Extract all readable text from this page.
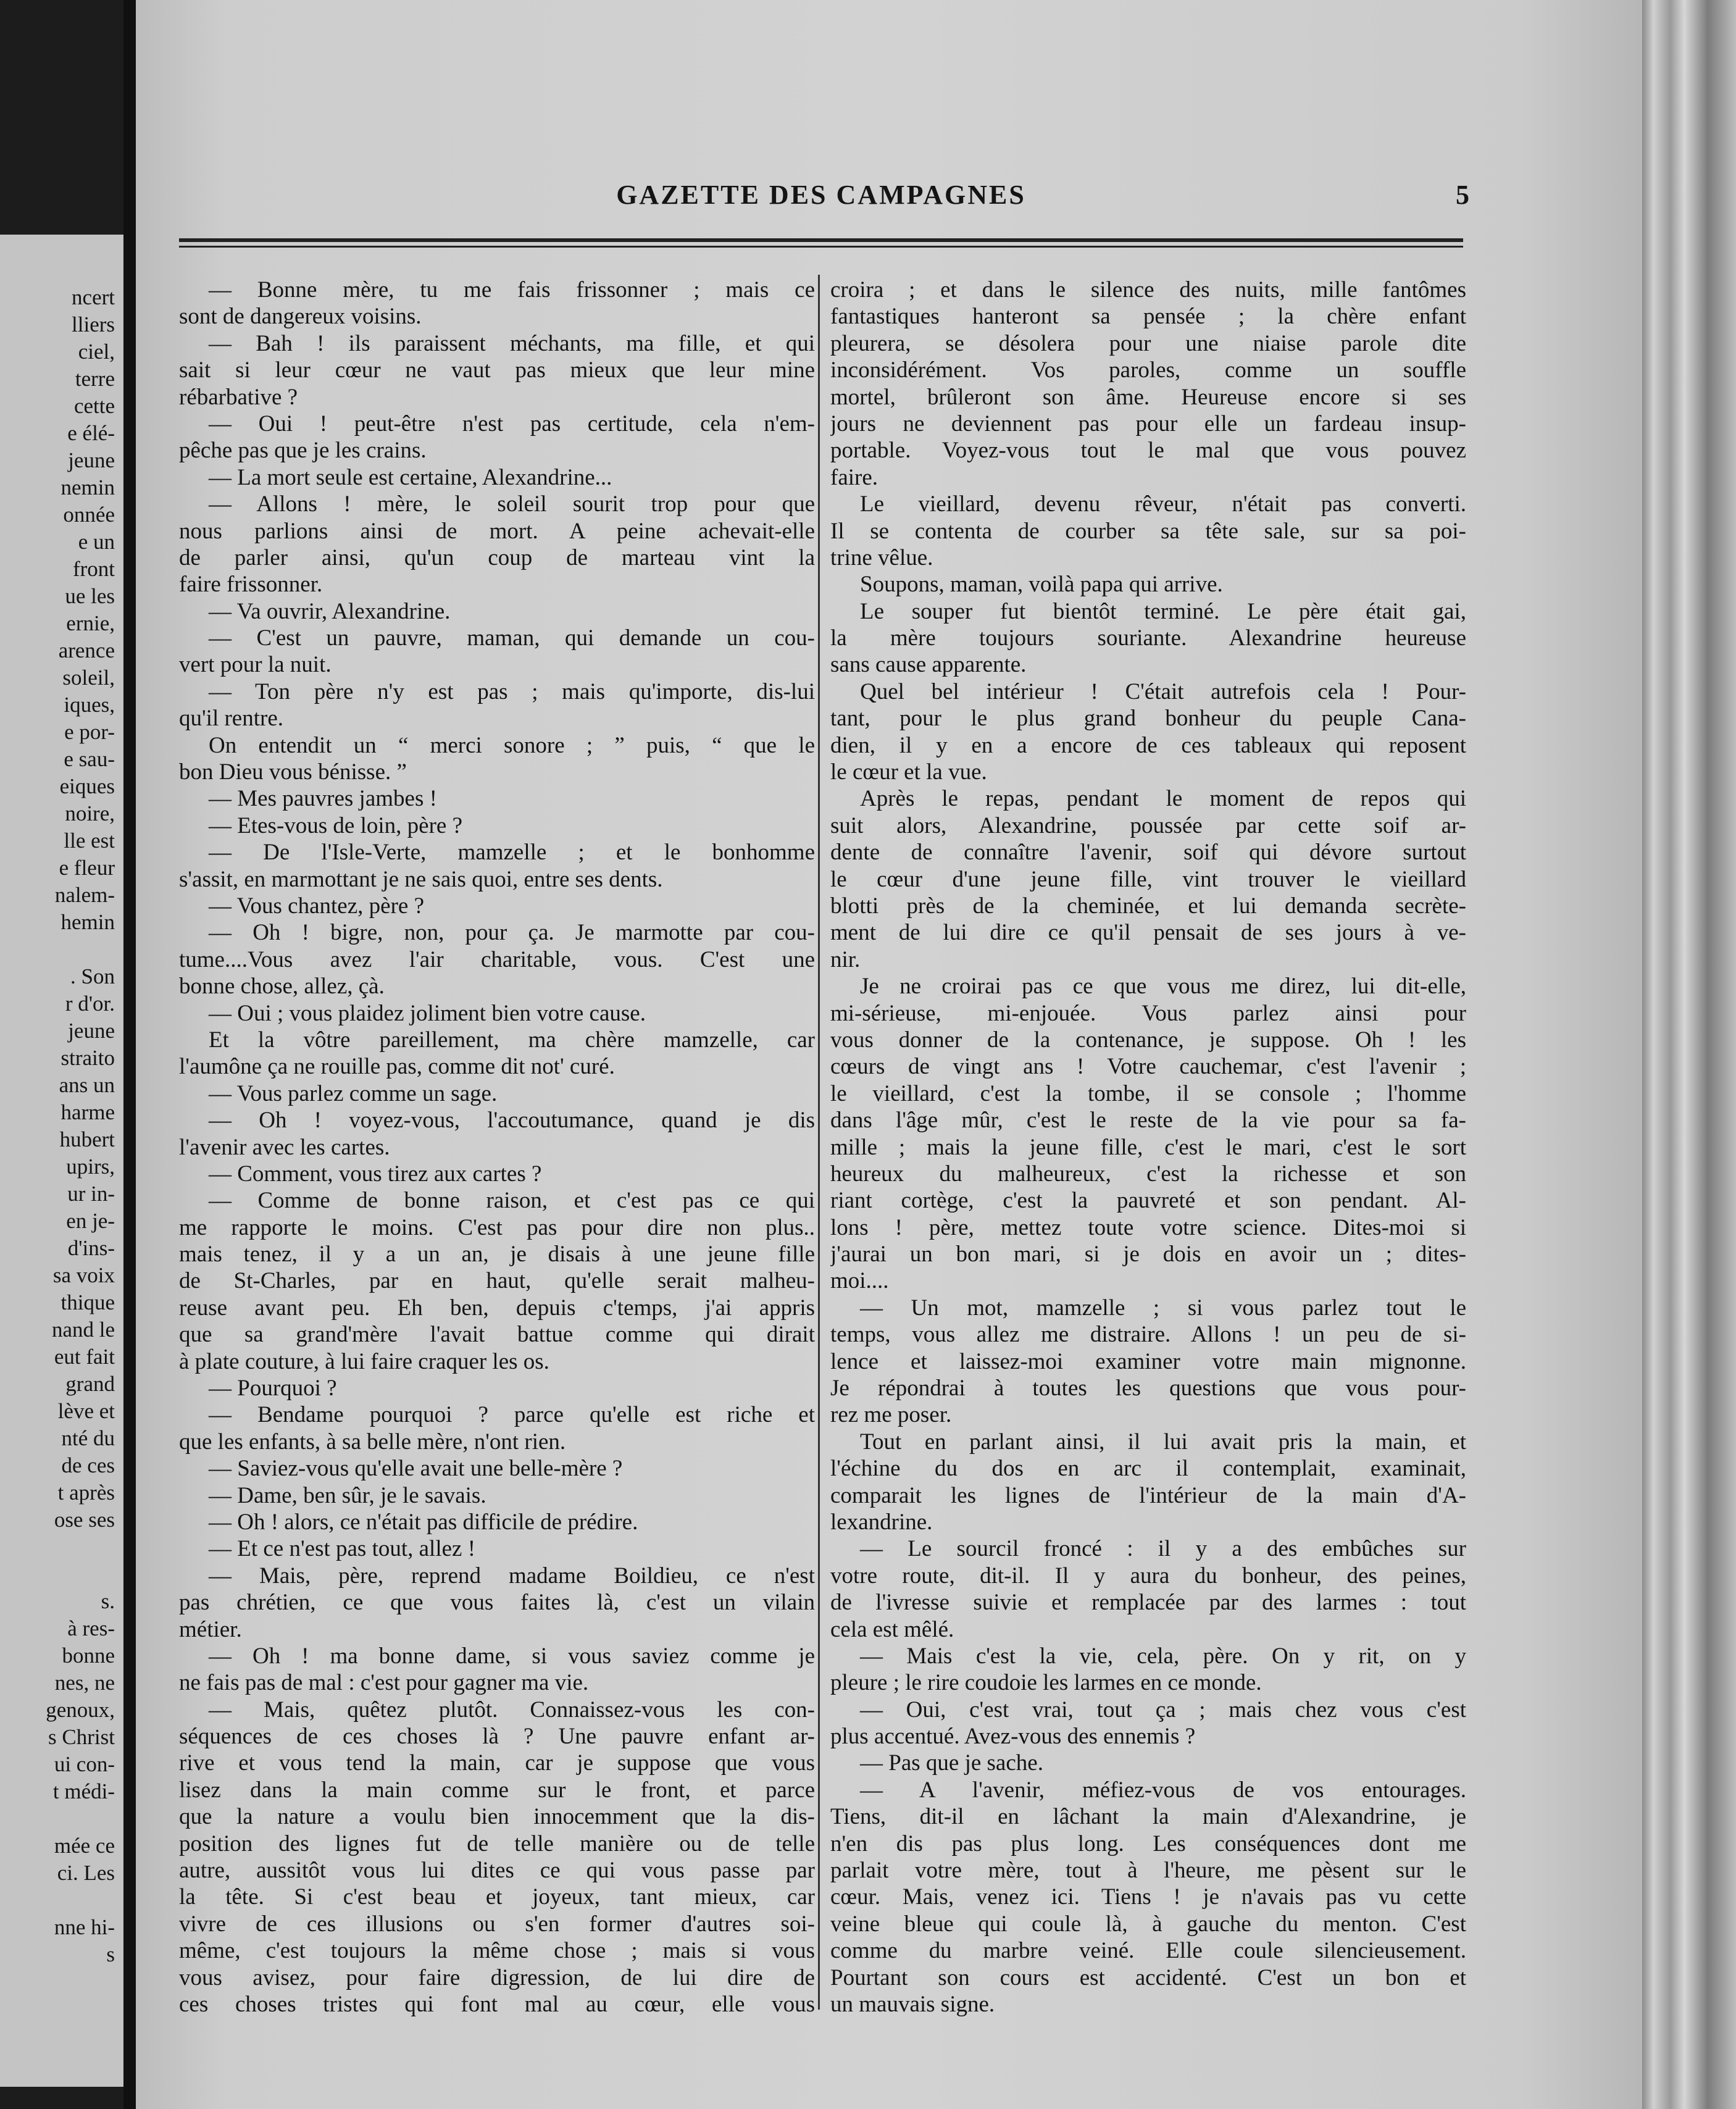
ncert
lliers
ciel,
terre
cette
e élé-
jeune
nemin
onnée
e un
front
ue les
ernie,
arence
soleil,
iques,
e por-
e sau-
eiques
noire,
lle est
e fleur
nalem-
hemin
. Son
r d'or.
jeune
straito
ans un
harme
hubert
upirs,
ur in-
en je-
d'ins-
sa voix
thique
nand le
eut fait
grand
lève et
nté du
de ces
t après
ose ses
s.
à res-
bonne
nes, ne
genoux,
s Christ
ui con-
t médi-
mée ce
ci. Les
nne hi-
s
GAZETTE DES CAMPAGNES	5
— Bonne mère, tu me fais frissonner ; mais ce
sont de dangereux voisins.
— Bah ! ils paraissent méchants, ma fille, et qui
sait si leur cœur ne vaut pas mieux que leur mine
rébarbative ?
— Oui ! peut-être n'est pas certitude, cela n'em-
pêche pas que je les crains.
— La mort seule est certaine, Alexandrine...
— Allons ! mère, le soleil sourit trop pour que
nous parlions ainsi de mort. A peine achevait-elle
de parler ainsi, qu'un coup de marteau vint la
faire frissonner.
— Va ouvrir, Alexandrine.
— C'est un pauvre, maman, qui demande un cou-
vert pour la nuit.
— Ton père n'y est pas ; mais qu'importe, dis-lui
qu'il rentre.
On entendit un “ merci sonore ; ” puis, “ que le
bon Dieu vous bénisse. ”
— Mes pauvres jambes !
— Etes-vous de loin, père ?
— De l'Isle-Verte, mamzelle ; et le bonhomme
s'assit, en marmottant je ne sais quoi, entre ses dents.
— Vous chantez, père ?
— Oh ! bigre, non, pour ça. Je marmotte par cou-
tume....Vous avez l'air charitable, vous. C'est une
bonne chose, allez, çà.
— Oui ; vous plaidez joliment bien votre cause.
Et la vôtre pareillement, ma chère mamzelle, car
l'aumône ça ne rouille pas, comme dit not' curé.
— Vous parlez comme un sage.
— Oh ! voyez-vous, l'accoutumance, quand je dis
l'avenir avec les cartes.
— Comment, vous tirez aux cartes ?
— Comme de bonne raison, et c'est pas ce qui
me rapporte le moins. C'est pas pour dire non plus..
mais tenez, il y a un an, je disais à une jeune fille
de St-Charles, par en haut, qu'elle serait malheu-
reuse avant peu. Eh ben, depuis c'temps, j'ai appris
que sa grand'mère l'avait battue comme qui dirait
à plate couture, à lui faire craquer les os.
— Pourquoi ?
— Bendame pourquoi ? parce qu'elle est riche et
que les enfants, à sa belle mère, n'ont rien.
— Saviez-vous qu'elle avait une belle-mère ?
— Dame, ben sûr, je le savais.
— Oh ! alors, ce n'était pas difficile de prédire.
— Et ce n'est pas tout, allez !
— Mais, père, reprend madame Boildieu, ce n'est
pas chrétien, ce que vous faites là, c'est un vilain
métier.
— Oh ! ma bonne dame, si vous saviez comme je
ne fais pas de mal : c'est pour gagner ma vie.
— Mais, quêtez plutôt. Connaissez-vous les con-
séquences de ces choses là ? Une pauvre enfant ar-
rive et vous tend la main, car je suppose que vous
lisez dans la main comme sur le front, et parce
que la nature a voulu bien innocemment que la dis-
position des lignes fut de telle manière ou de telle
autre, aussitôt vous lui dites ce qui vous passe par
la tête. Si c'est beau et joyeux, tant mieux, car
vivre de ces illusions ou s'en former d'autres soi-
même, c'est toujours la même chose ; mais si vous
vous avisez, pour faire digression, de lui dire de
ces choses tristes qui font mal au cœur, elle vous
croira ; et dans le silence des nuits, mille fantômes
fantastiques hanteront sa pensée ; la chère enfant
pleurera, se désolera pour une niaise parole dite
inconsidérément. Vos paroles, comme un souffle
mortel, brûleront son âme. Heureuse encore si ses
jours ne deviennent pas pour elle un fardeau insup-
portable. Voyez-vous tout le mal que vous pouvez
faire.
Le vieillard, devenu rêveur, n'était pas converti.
Il se contenta de courber sa tête sale, sur sa poi-
trine vêlue.
Soupons, maman, voilà papa qui arrive.
Le souper fut bientôt terminé. Le père était gai,
la mère toujours souriante. Alexandrine heureuse
sans cause apparente.
Quel bel intérieur ! C'était autrefois cela ! Pour-
tant, pour le plus grand bonheur du peuple Cana-
dien, il y en a encore de ces tableaux qui reposent
le cœur et la vue.
Après le repas, pendant le moment de repos qui
suit alors, Alexandrine, poussée par cette soif ar-
dente de connaître l'avenir, soif qui dévore surtout
le cœur d'une jeune fille, vint trouver le vieillard
blotti près de la cheminée, et lui demanda secrète-
ment de lui dire ce qu'il pensait de ses jours à ve-
nir.
Je ne croirai pas ce que vous me direz, lui dit-elle,
mi-sérieuse, mi-enjouée. Vous parlez ainsi pour
vous donner de la contenance, je suppose. Oh ! les
cœurs de vingt ans ! Votre cauchemar, c'est l'avenir ;
le vieillard, c'est la tombe, il se console ; l'homme
dans l'âge mûr, c'est le reste de la vie pour sa fa-
mille ; mais la jeune fille, c'est le mari, c'est le sort
heureux du malheureux, c'est la richesse et son
riant cortège, c'est la pauvreté et son pendant. Al-
lons ! père, mettez toute votre science. Dites-moi si
j'aurai un bon mari, si je dois en avoir un ; dites-
moi....
— Un mot, mamzelle ; si vous parlez tout le
temps, vous allez me distraire. Allons ! un peu de si-
lence et laissez-moi examiner votre main mignonne.
Je répondrai à toutes les questions que vous pour-
rez me poser.
Tout en parlant ainsi, il lui avait pris la main, et
l'échine du dos en arc il contemplait, examinait,
comparait les lignes de l'intérieur de la main d'A-
lexandrine.
— Le sourcil froncé : il y a des embûches sur
votre route, dit-il. Il y aura du bonheur, des peines,
de l'ivresse suivie et remplacée par des larmes : tout
cela est mêlé.
— Mais c'est la vie, cela, père. On y rit, on y
pleure ; le rire coudoie les larmes en ce monde.
— Oui, c'est vrai, tout ça ; mais chez vous c'est
plus accentué. Avez-vous des ennemis ?
— Pas que je sache.
— A l'avenir, méfiez-vous de vos entourages.
Tiens, dit-il en lâchant la main d'Alexandrine, je
n'en dis pas plus long. Les conséquences dont me
parlait votre mère, tout à l'heure, me pèsent sur le
cœur. Mais, venez ici. Tiens ! je n'avais pas vu cette
veine bleue qui coule là, à gauche du menton. C'est
comme du marbre veiné. Elle coule silencieusement.
Pourtant son cours est accidenté. C'est un bon et
un mauvais signe.
